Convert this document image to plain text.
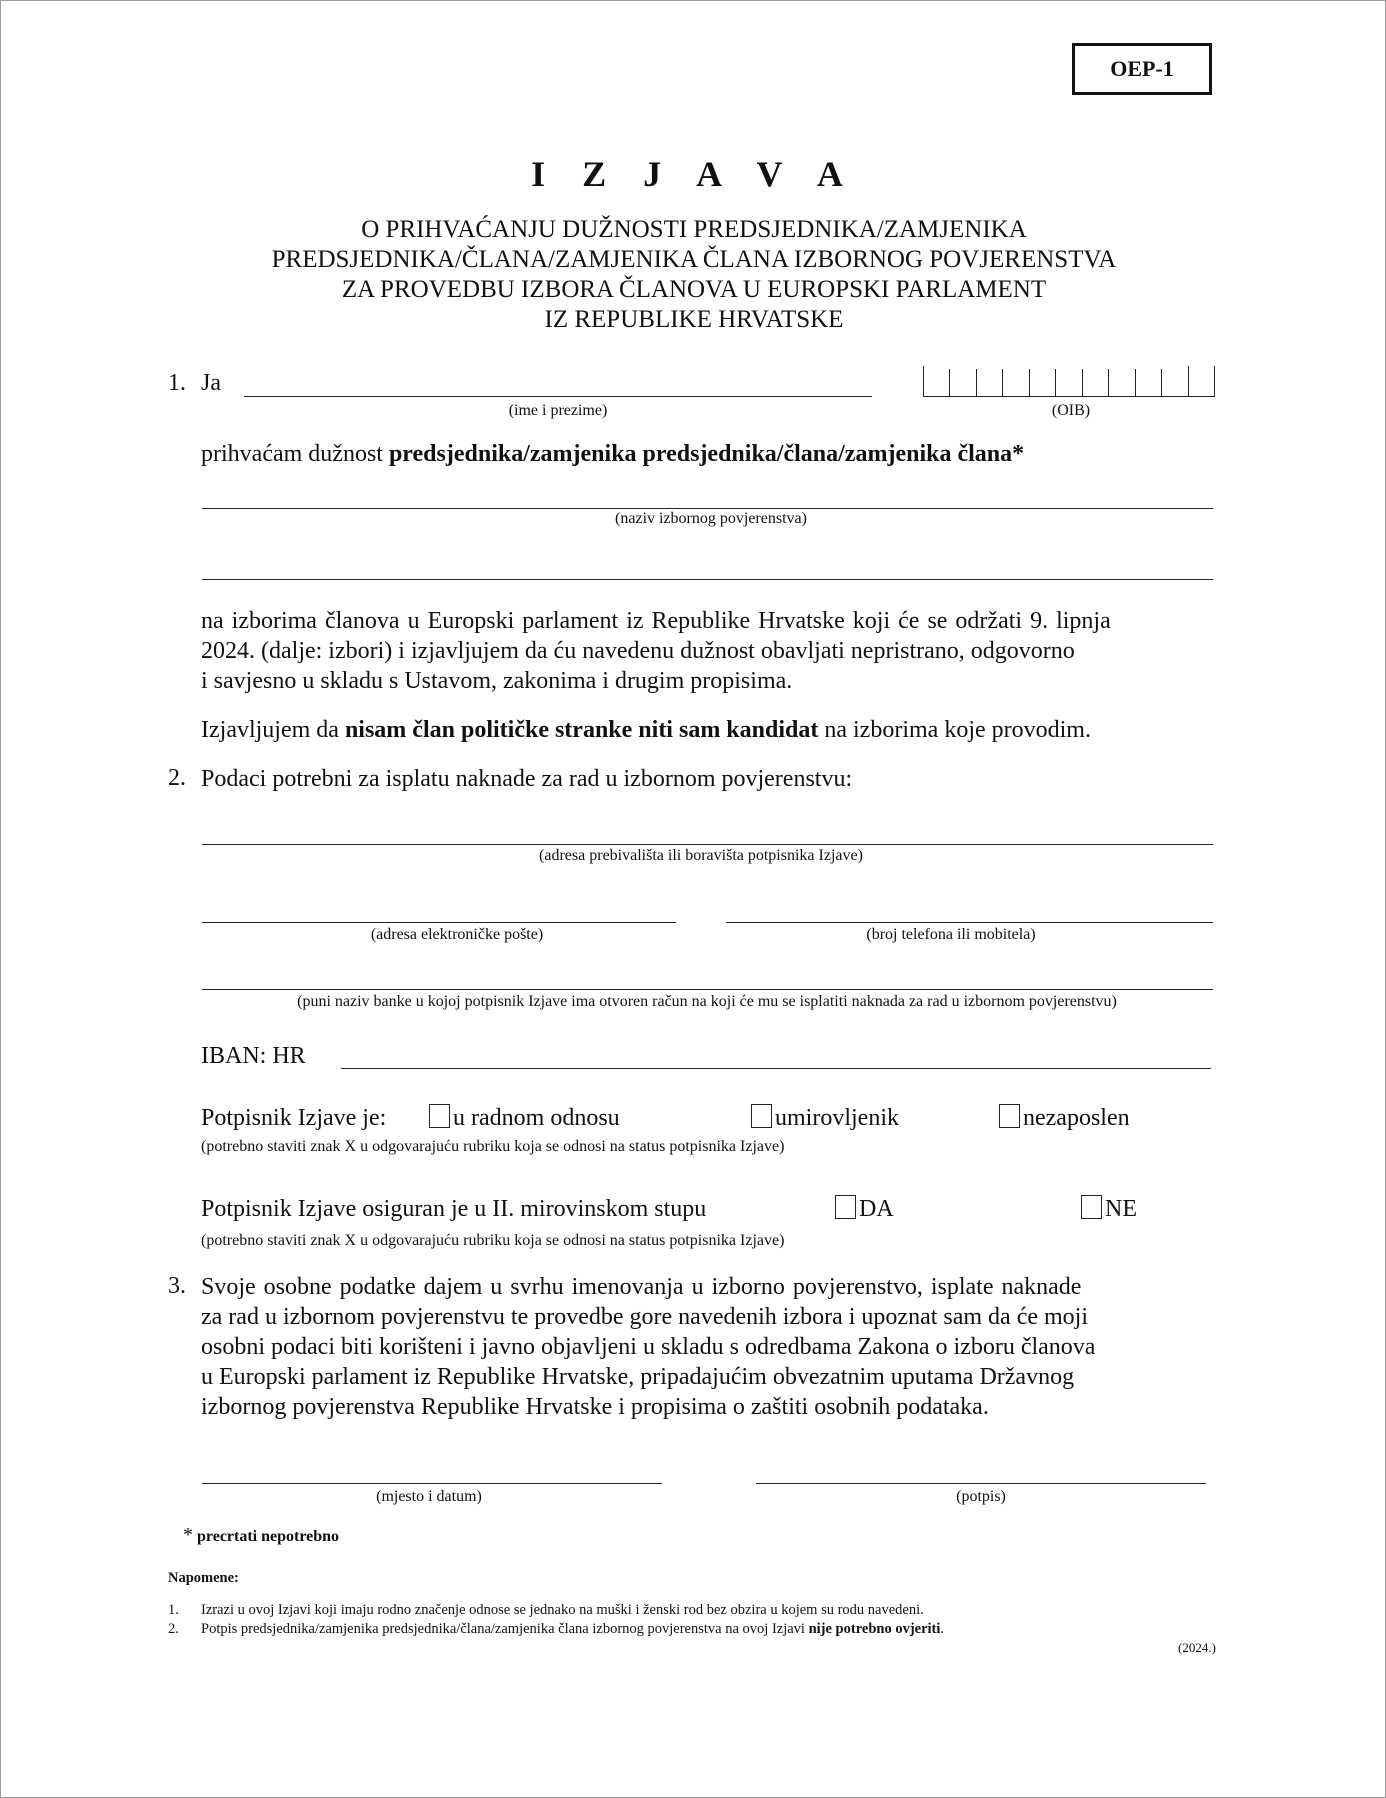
OEP-1
I Z J A V A
O PRIHVAĆANJU DUŽNOSTI PREDSJEDNIKA/ZAMJENIKA
PREDSJEDNIKA/ČLANA/ZAMJENIKA ČLANA IZBORNOG POVJERENSTVA
ZA PROVEDBU IZBORA ČLANOVA U EUROPSKI PARLAMENT
IZ REPUBLIKE HRVATSKE
1. Ja
(ime i prezime)	(OIB)
prihvaćam dužnost predsjednika/zamjenika predsjednika/člana/zamjenika člana*
(naziv izbornog povjerenstva)
na izborima članova u Europski parlament iz Republike Hrvatske koji će se održati 9. lipnja
2024. (dalje: izbori) i izjavljujem da ću navedenu dužnost obavljati nepristrano, odgovorno
i savjesno u skladu s Ustavom, zakonima i drugim propisima.
Izjavljujem da nisam član političke stranke niti sam kandidat na izborima koje provodim.
2. Podaci potrebni za isplatu naknade za rad u izbornom povjerenstvu:
(adresa prebivališta ili boravišta potpisnika Izjave)
(adresa elektroničke pošte)	(broj telefona ili mobitela)
(puni naziv banke u kojoj potpisnik Izjave ima otvoren račun na koji će mu se isplatiti naknada za rad u izbornom povjerenstvu)
IBAN: HR
Potpisnik Izjave je:	u radnom odnosu	umirovljenik	nezaposlen
(potrebno staviti znak X u odgovarajuću rubriku koja se odnosi na status potpisnika Izjave)
Potpisnik Izjave osiguran je u II. mirovinskom stupu	DA	NE
(potrebno staviti znak X u odgovarajuću rubriku koja se odnosi na status potpisnika Izjave)
3. Svoje osobne podatke dajem u svrhu imenovanja u izborno povjerenstvo, isplate naknade
za rad u izbornom povjerenstvu te provedbe gore navedenih izbora i upoznat sam da će moji
osobni podaci biti korišteni i javno objavljeni u skladu s odredbama Zakona o izboru članova
u Europski parlament iz Republike Hrvatske, pripadajućim obvezatnim uputama Državnog
izbornog povjerenstva Republike Hrvatske i propisima o zaštiti osobnih podataka.
(mjesto i datum)	(potpis)
* precrtati nepotrebno
Napomene:
1. Izrazi u ovoj Izjavi koji imaju rodno značenje odnose se jednako na muški i ženski rod bez obzira u kojem su rodu navedeni.
2. Potpis predsjednika/zamjenika predsjednika/člana/zamjenika člana izbornog povjerenstva na ovoj Izjavi nije potrebno ovjeriti.
(2024.)
